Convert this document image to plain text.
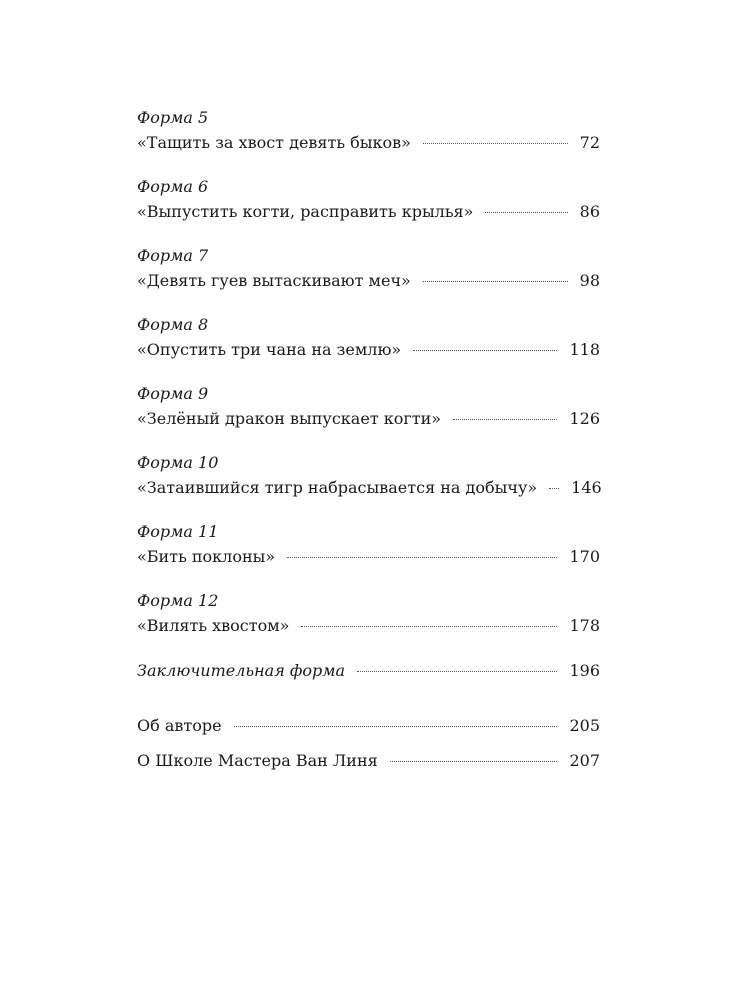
Форма 5
«Тащить за хвост девять быков»	72
Форма 6
«Выпустить когти, расправить крылья»	86
Форма 7
«Девять гуев вытаскивают меч»	98
Форма 8
«Опустить три чана на землю»	118
Форма 9
«Зелёный дракон выпускает когти»	126
Форма 10
«Затаившийся тигр набрасывается на добычу» 146
Форма 11
«Бить поклоны»	170
Форма 12
«Вилять хвостом»	178
Заключительная форма	196
Об авторе	205
О Школе Мастера Ван Линя	207
